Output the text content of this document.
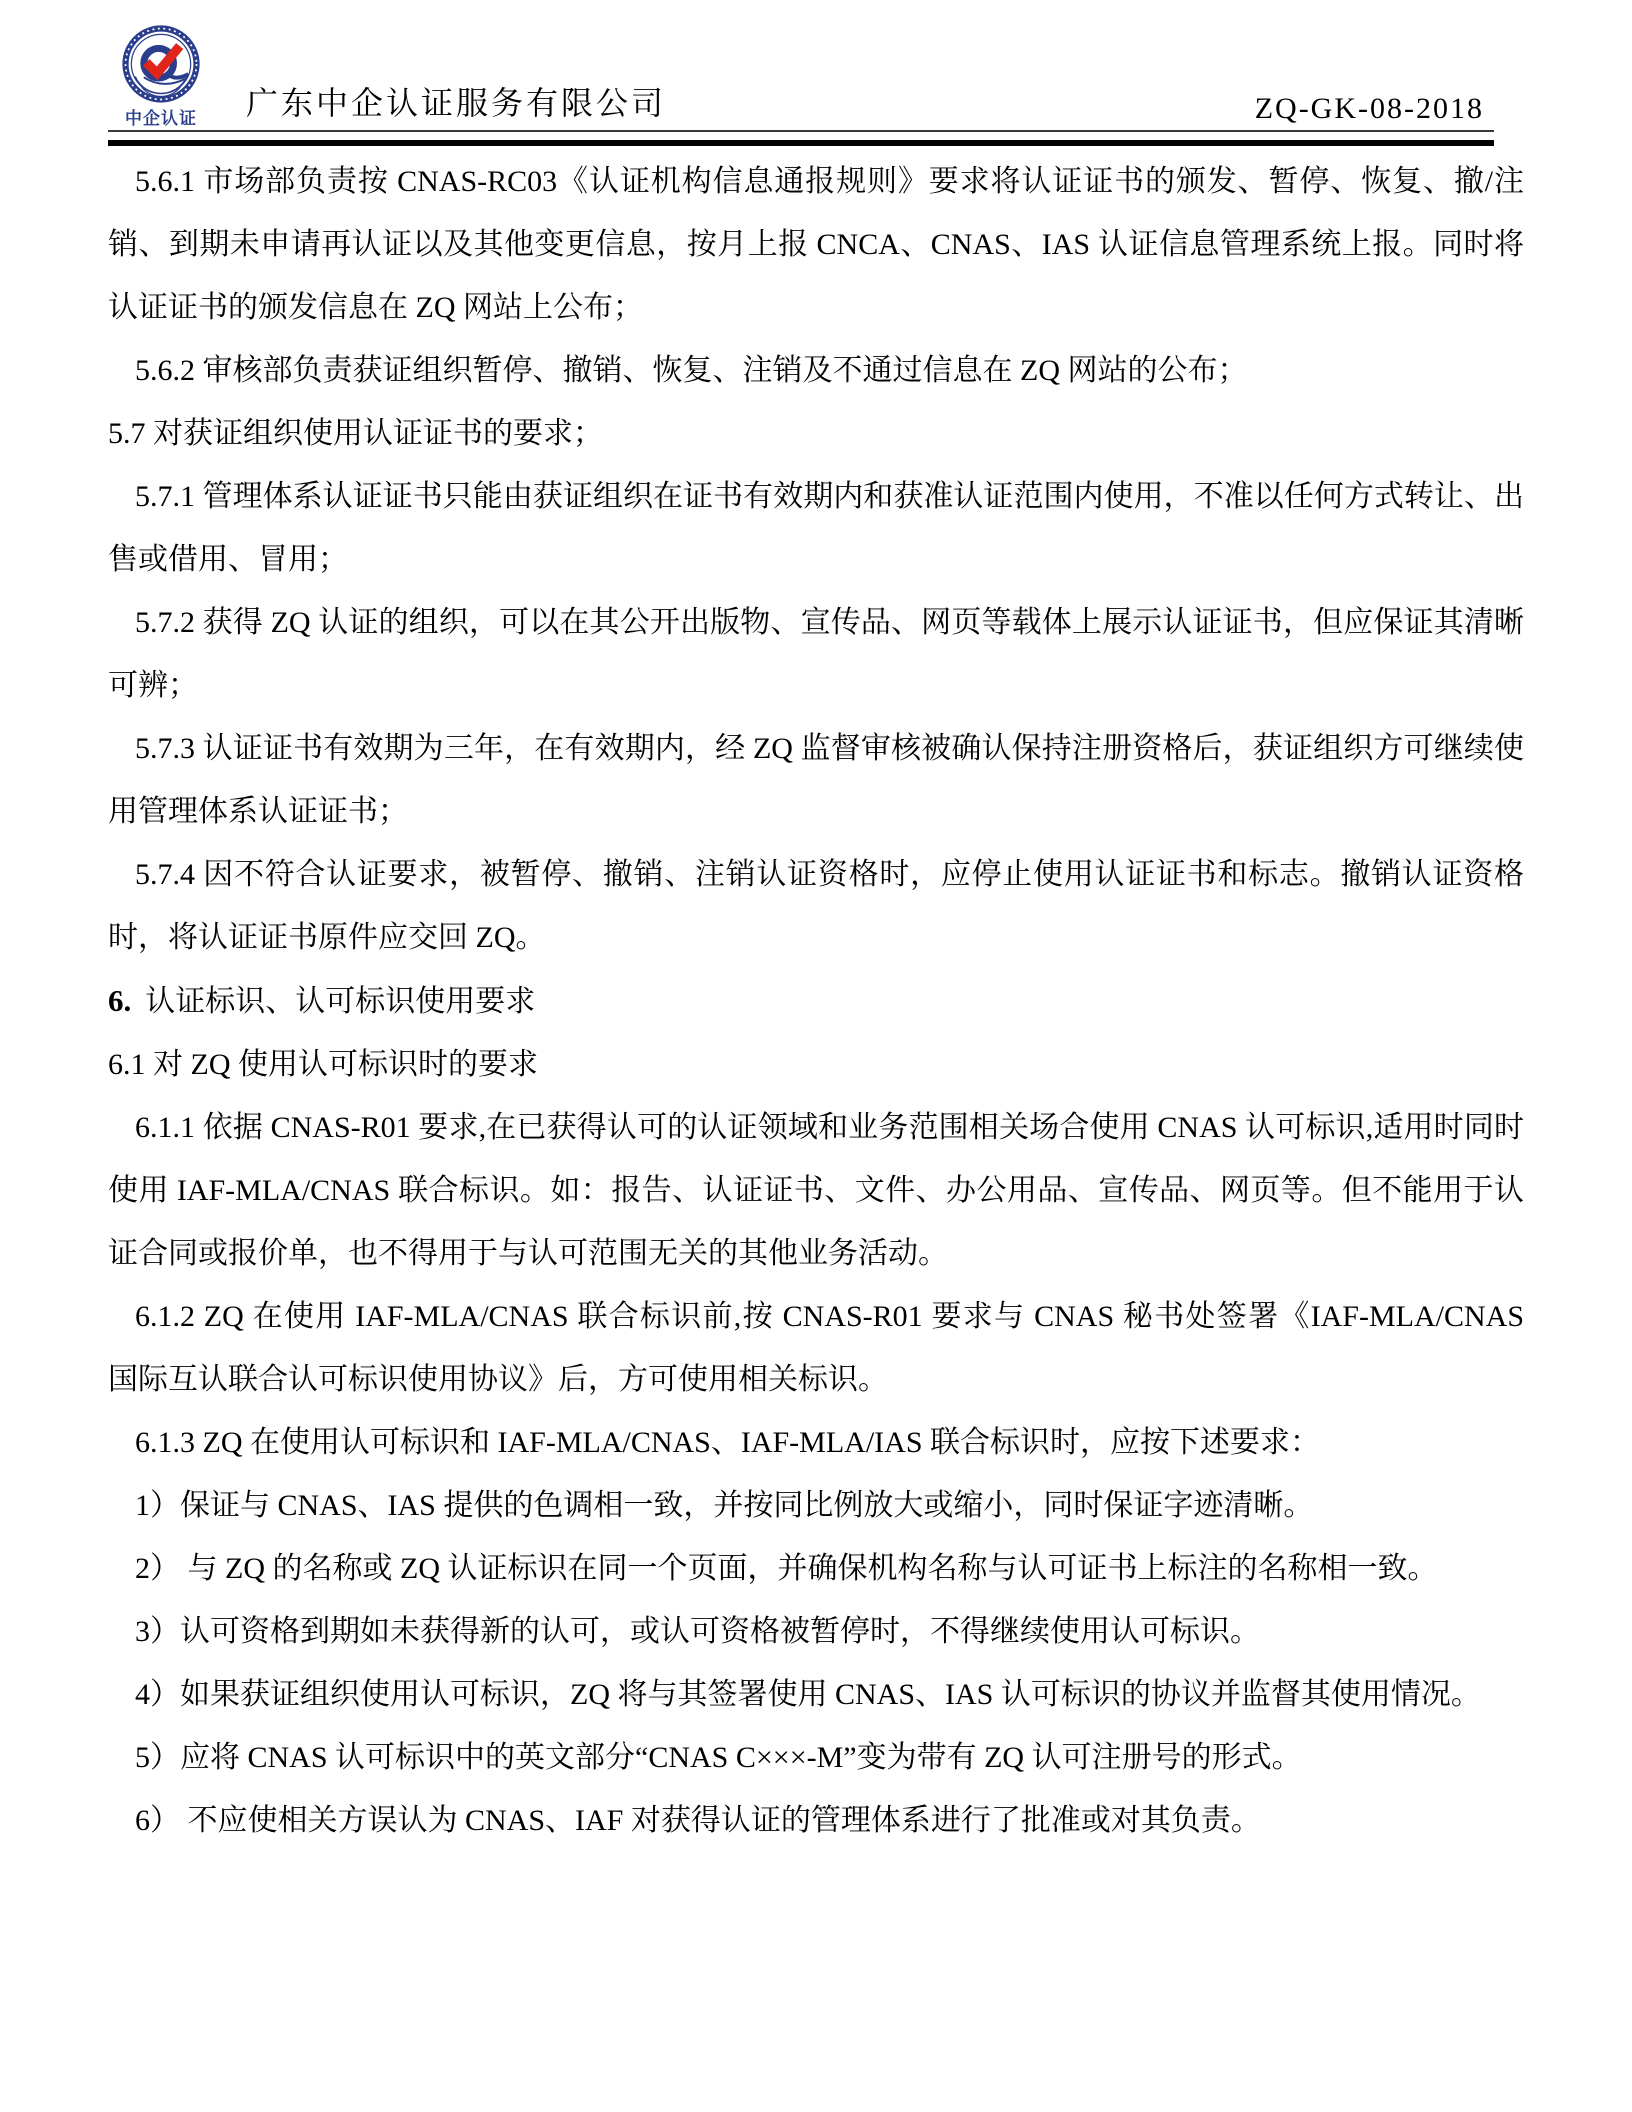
中企认证 广东中企认证服务有限公司	ZQ-GK-08-2018

5.6.1 市场部负责按 CNAS-RC03《认证机构信息通报规则》要求将认证证书的颁发、暂停、恢复、撤/注销、到期未申请再认证以及其他变更信息，按月上报 CNCA、CNAS、IAS 认证信息管理系统上报。同时将认证证书的颁发信息在 ZQ 网站上公布；

5.6.2 审核部负责获证组织暂停、撤销、恢复、注销及不通过信息在 ZQ 网站的公布；

5.7 对获证组织使用认证证书的要求；

5.7.1 管理体系认证证书只能由获证组织在证书有效期内和获准认证范围内使用，不准以任何方式转让、出售或借用、冒用；

5.7.2 获得 ZQ 认证的组织，可以在其公开出版物、宣传品、网页等载体上展示认证证书，但应保证其清晰可辨；

5.7.3 认证证书有效期为三年，在有效期内，经 ZQ 监督审核被确认保持注册资格后，获证组织方可继续使用管理体系认证证书；

5.7.4 因不符合认证要求，被暂停、撤销、注销认证资格时，应停止使用认证证书和标志。撤销认证资格时，将认证证书原件应交回 ZQ。

6. 认证标识、认可标识使用要求

6.1 对 ZQ 使用认可标识时的要求

6.1.1 依据 CNAS-R01 要求,在已获得认可的认证领域和业务范围相关场合使用 CNAS 认可标识,适用时同时使用 IAF-MLA/CNAS 联合标识。如：报告、认证证书、文件、办公用品、宣传品、网页等。但不能用于认证合同或报价单，也不得用于与认可范围无关的其他业务活动。

6.1.2 ZQ 在使用 IAF-MLA/CNAS 联合标识前,按 CNAS-R01 要求与 CNAS 秘书处签署《IAF-MLA/CNAS 国际互认联合认可标识使用协议》后，方可使用相关标识。

6.1.3 ZQ 在使用认可标识和 IAF-MLA/CNAS、IAF-MLA/IAS 联合标识时，应按下述要求：

1）保证与 CNAS、IAS 提供的色调相一致，并按同比例放大或缩小，同时保证字迹清晰。

2） 与 ZQ 的名称或 ZQ 认证标识在同一个页面，并确保机构名称与认可证书上标注的名称相一致。

3）认可资格到期如未获得新的认可，或认可资格被暂停时，不得继续使用认可标识。

4）如果获证组织使用认可标识，ZQ 将与其签署使用 CNAS、IAS 认可标识的协议并监督其使用情况。

5）应将 CNAS 认可标识中的英文部分“CNAS C×××-M”变为带有 ZQ 认可注册号的形式。

6） 不应使相关方误认为 CNAS、IAF 对获得认证的管理体系进行了批准或对其负责。
